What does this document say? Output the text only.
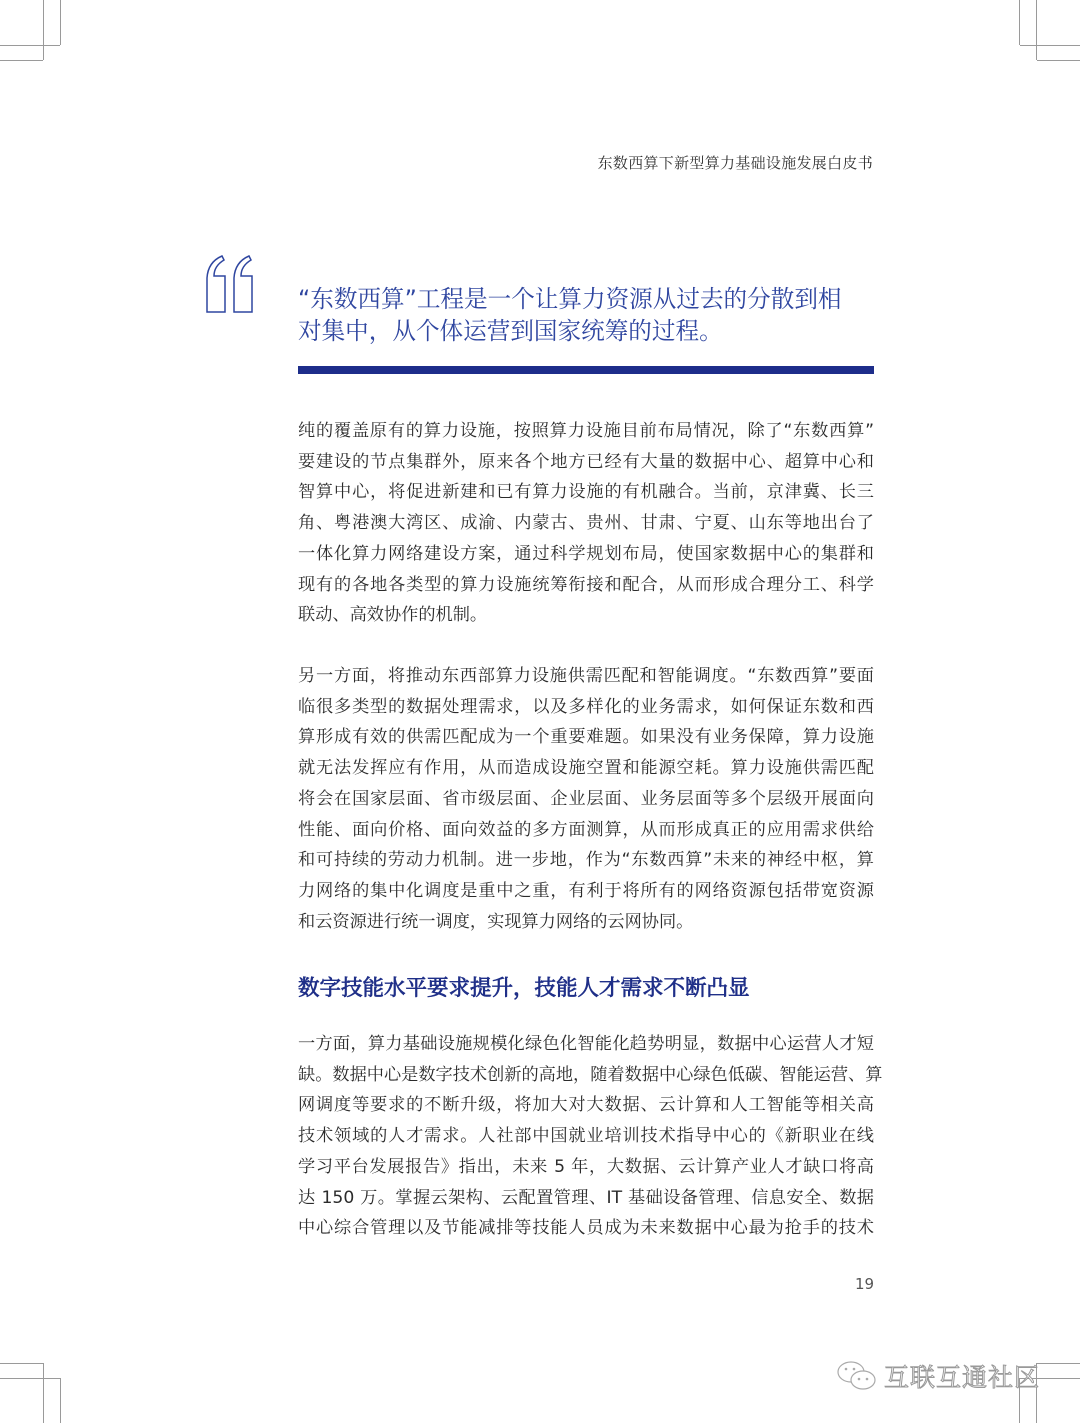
东数西算下新型算力基础设施发展白皮书
“东数西算”工程是一个让算力资源从过去的分散到相
对集中，从个体运营到国家统筹的过程。
纯的覆盖原有的算力设施，按照算力设施目前布局情况，除了“东数西算”
要建设的节点集群外，原来各个地方已经有大量的数据中心、超算中心和
智算中心，将促进新建和已有算力设施的有机融合。当前，京津冀、长三
角、粤港澳大湾区、成渝、内蒙古、贵州、甘肃、宁夏、山东等地出台了
一体化算力网络建设方案，通过科学规划布局，使国家数据中心的集群和
现有的各地各类型的算力设施统筹衔接和配合，从而形成合理分工、科学
联动、高效协作的机制。
另一方面，将推动东西部算力设施供需匹配和智能调度。“东数西算”要面
临很多类型的数据处理需求，以及多样化的业务需求，如何保证东数和西
算形成有效的供需匹配成为一个重要难题。如果没有业务保障，算力设施
就无法发挥应有作用，从而造成设施空置和能源空耗。算力设施供需匹配
将会在国家层面、省市级层面、企业层面、业务层面等多个层级开展面向
性能、面向价格、面向效益的多方面测算，从而形成真正的应用需求供给
和可持续的劳动力机制。进一步地，作为“东数西算”未来的神经中枢，算
力网络的集中化调度是重中之重，有利于将所有的网络资源包括带宽资源
和云资源进行统一调度，实现算力网络的云网协同。
数字技能水平要求提升，技能人才需求不断凸显
一方面，算力基础设施规模化绿色化智能化趋势明显，数据中心运营人才短
缺。数据中心是数字技术创新的高地，随着数据中心绿色低碳、智能运营、算
网调度等要求的不断升级，将加大对大数据、云计算和人工智能等相关高
技术领域的人才需求。人社部中国就业培训技术指导中心的《新职业在线
学习平台发展报告》指出，未来 5 年，大数据、云计算产业人才缺口将高
达 150 万。掌握云架构、云配置管理、IT 基础设备管理、信息安全、数据
中心综合管理以及节能减排等技能人员成为未来数据中心最为抢手的技术
19
互联互通社区
